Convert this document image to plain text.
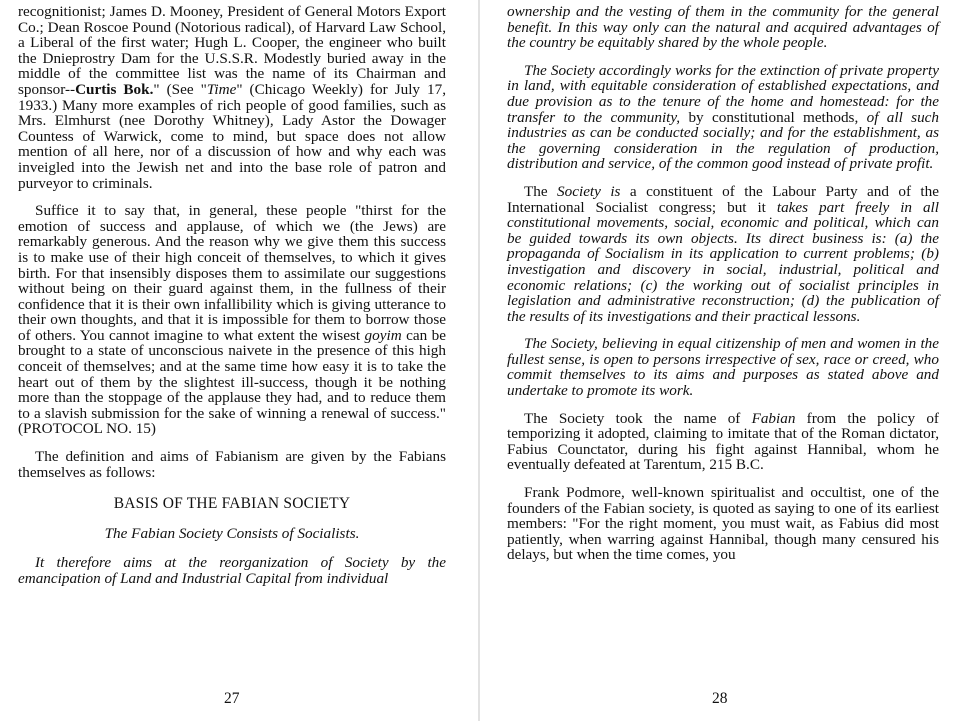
recognitionist; James D. Mooney, President of General Motors Export Co.; Dean Roscoe Pound (Notorious radical), of Harvard Law School, a Liberal of the first water; Hugh L. Cooper, the engineer who built the Dnieprostry Dam for the U.S.S.R. Modestly buried away in the middle of the committee list was the name of its Chairman and sponsor--Curtis Bok." (See "Time" (Chicago Weekly) for July 17, 1933.) Many more examples of rich people of good families, such as Mrs. Elmhurst (nee Dorothy Whitney), Lady Astor the Dowager Countess of Warwick, come to mind, but space does not allow mention of all here, nor of a discussion of how and why each was inveigled into the Jewish net and into the base role of patron and purveyor to criminals.

Suffice it to say that, in general, these people "thirst for the emotion of success and applause, of which we (the Jews) are remarkably generous. And the reason why we give them this success is to make use of their high conceit of themselves, to which it gives birth. For that insensibly disposes them to assimilate our suggestions without being on their guard against them, in the fullness of their confidence that it is their own infallibility which is giving utterance to their own thoughts, and that it is impossible for them to borrow those of others. You cannot imagine to what extent the wisest goyim can be brought to a state of unconscious naivete in the presence of this high conceit of themselves; and at the same time how easy it is to take the heart out of them by the slightest ill-success, though it be nothing more than the stoppage of the applause they had, and to reduce them to a slavish submission for the sake of winning a renewal of success." (PROTOCOL NO. 15)

The definition and aims of Fabianism are given by the Fabians themselves as follows:

BASIS OF THE FABIAN SOCIETY

The Fabian Society Consists of Socialists.

It therefore aims at the reorganization of Society by the emancipation of Land and Industrial Capital from individual

27

ownership and the vesting of them in the community for the general benefit. In this way only can the natural and acquired advantages of the country be equitably shared by the whole people.

The Society accordingly works for the extinction of private property in land, with equitable consideration of established expectations, and due provision as to the tenure of the home and homestead: for the transfer to the community, by constitutional methods, of all such industries as can be conducted socially; and for the establishment, as the governing consideration in the regulation of production, distribution and service, of the common good instead of private profit.

The Society is a constituent of the Labour Party and of the International Socialist congress; but it takes part freely in all constitutional movements, social, economic and political, which can be guided towards its own objects. Its direct business is: (a) the propaganda of Socialism in its application to current problems; (b) investigation and discovery in social, industrial, political and economic relations; (c) the working out of socialist principles in legislation and administrative reconstruction; (d) the publication of the results of its investigations and their practical lessons.

The Society, believing in equal citizenship of men and women in the fullest sense, is open to persons irrespective of sex, race or creed, who commit themselves to its aims and purposes as stated above and undertake to promote its work.

The Society took the name of Fabian from the policy of temporizing it adopted, claiming to imitate that of the Roman dictator, Fabius Counctator, during his fight against Hannibal, whom he eventually defeated at Tarentum, 215 B.C.

Frank Podmore, well-known spiritualist and occultist, one of the founders of the Fabian society, is quoted as saying to one of its earliest members: "For the right moment, you must wait, as Fabius did most patiently, when warring against Hannibal, though many censured his delays, but when the time comes, you

28
